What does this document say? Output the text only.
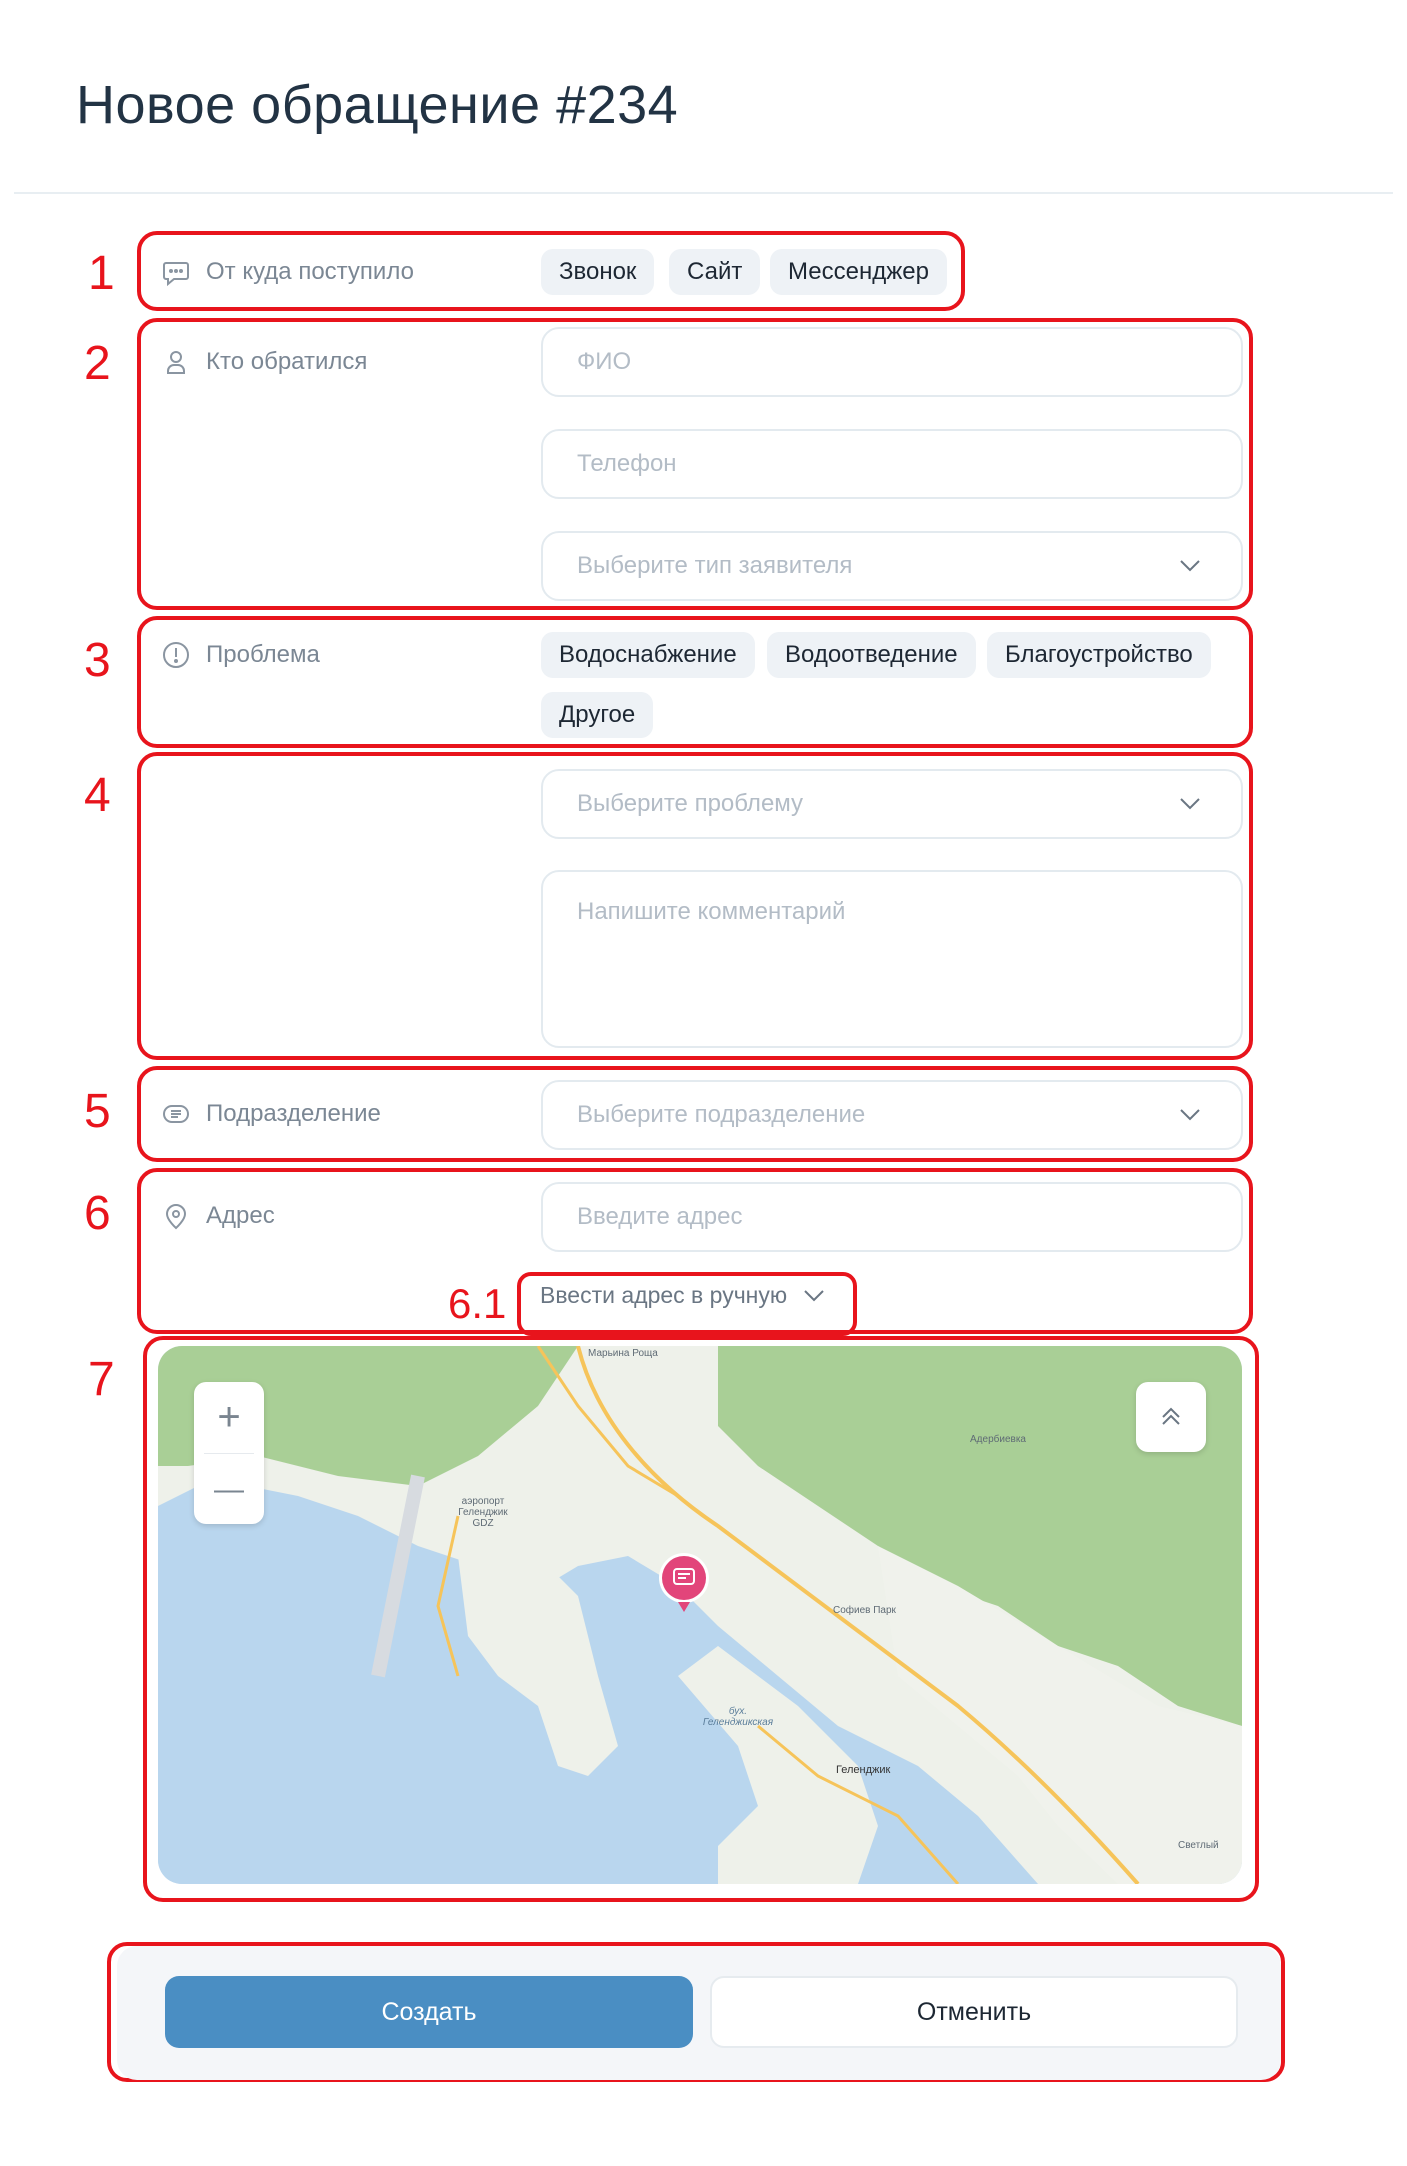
Новое обращение #234
1
2
3
4
5
6
6.1
7
От куда поступило	Звонок	Сайт	Мессенджер
Кто обратился	ФИО
Телефон
Выберите тип заявителя
Проблема	Водоснабжение	Водоотведение	Благоустройство
Другое
Выберите проблему
Напишите комментарий
Подразделение	Выберите подразделение
Адрес	Введите адрес
Ввести адрес в ручную
Марьина Роща
аэропорт Геленджик GDZ
Адербиевка
Софиев Парк
бух. Геленджикская
Геленджик
Светлый
+
—
Создать	Отменить
